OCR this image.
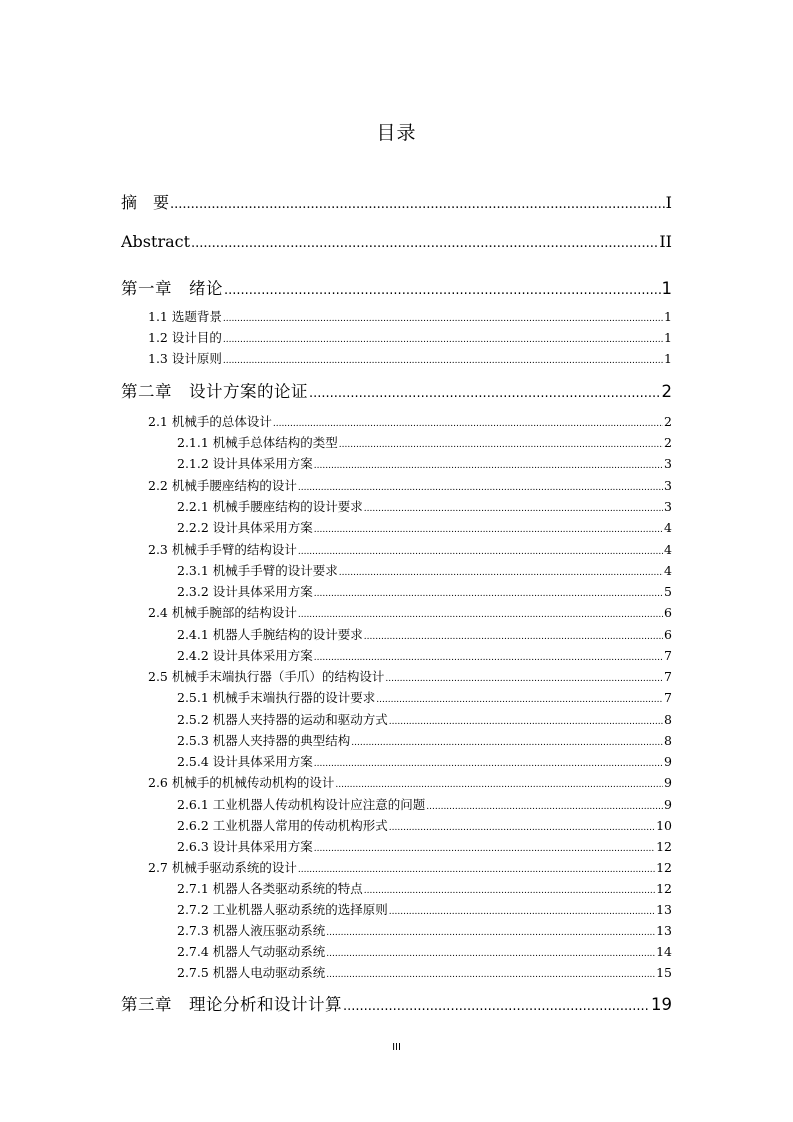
目录
摘　要 .....	I
Abstract .....	II
第一章　绪论 .....	1
1.1 选题背景 .....	1
1.2 设计目的 .....	1
1.3 设计原则 .....	1
第二章　设计方案的论证 .....	2
2.1 机械手的总体设计 .....	2
2.1.1 机械手总体结构的类型 .....	2
2.1.2 设计具体采用方案 .....	3
2.2 机械手腰座结构的设计 .....	3
2.2.1 机械手腰座结构的设计要求 .....	3
2.2.2 设计具体采用方案 .....	4
2.3 机械手手臂的结构设计 .....	4
2.3.1 机械手手臂的设计要求 .....	4
2.3.2 设计具体采用方案 .....	5
2.4 机械手腕部的结构设计 .....	6
2.4.1 机器人手腕结构的设计要求 .....	6
2.4.2 设计具体采用方案 .....	7
2.5 机械手末端执行器（手爪）的结构设计 .....	7
2.5.1 机械手末端执行器的设计要求 .....	7
2.5.2 机器人夹持器的运动和驱动方式 .....	8
2.5.3 机器人夹持器的典型结构 .....	8
2.5.4 设计具体采用方案 .....	9
2.6 机械手的机械传动机构的设计 .....	9
2.6.1 工业机器人传动机构设计应注意的问题 .....	9
2.6.2 工业机器人常用的传动机构形式 .....	10
2.6.3 设计具体采用方案 .....	12
2.7 机械手驱动系统的设计 .....	12
2.7.1 机器人各类驱动系统的特点 .....	12
2.7.2 工业机器人驱动系统的选择原则 .....	13
2.7.3 机器人液压驱动系统 .....	13
2.7.4 机器人气动驱动系统 .....	14
2.7.5 机器人电动驱动系统 .....	15
第三章　理论分析和设计计算 .....	19
III
